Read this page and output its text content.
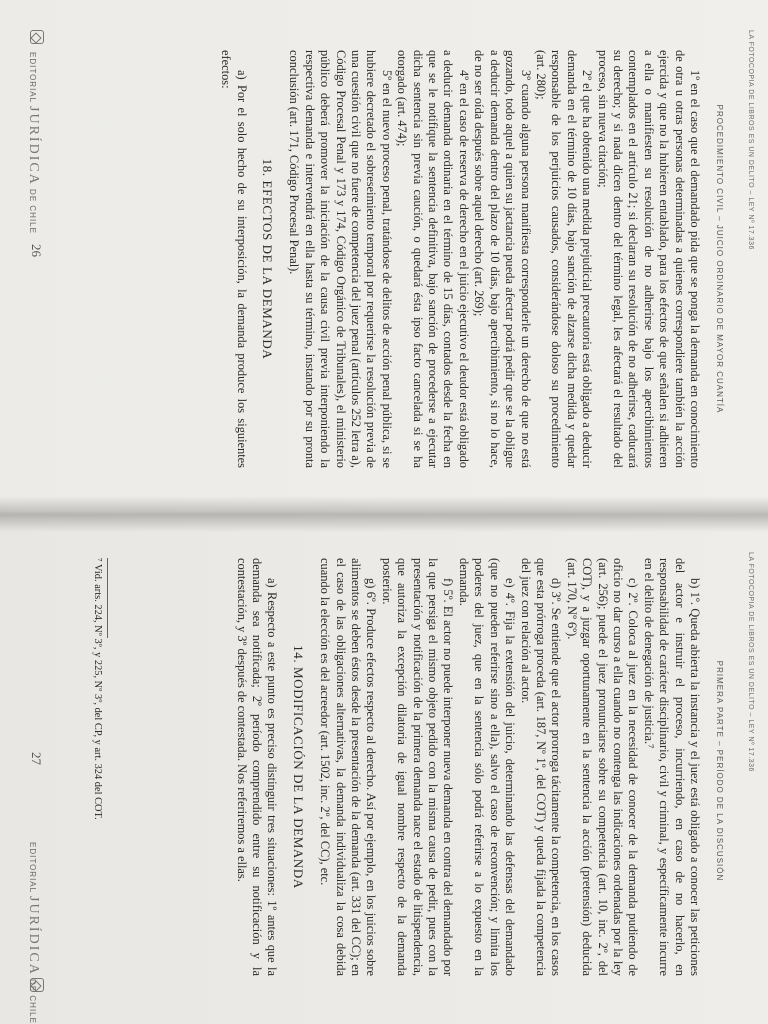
LA FOTOCOPIA DE LIBROS ES UN DELITO – LEY Nº 17.336
PROCEDIMIENTO CIVIL – JUICIO ORDINARIO DE MAYOR CUANTÍA

1º en el caso que el demandado pida que se ponga la demanda en conocimiento de otra u otras personas determinadas a quienes correspondiere también la acción ejercida y que no la hubieren entablado, para los efectos de que señalen si adhieren a ella o manifiesten su resolución de no adherirse bajo los apercibimientos contemplados en el artículo 21; si declaran su resolución de no adherirse, caducará su derecho; y si nada dicen dentro del término legal, les afectará el resultado del proceso, sin nueva citación;

2º el que ha obtenido una medida prejudicial precautoria está obligado a deducir demanda en el término de 10 días, bajo sanción de alzarse dicha medida y quedar responsable de los perjuicios causados, considerándose doloso su procedimiento (art. 280);

3º cuando alguna persona manifiesta corresponderle un derecho de que no está gozando, todo aquel a quien su jactancia pueda afectar podrá pedir que se la obligue a deducir demanda dentro del plazo de 10 días, bajo apercibimiento, si no lo hace, de no ser oída después sobre aquel derecho (art. 269);

4º en el caso de reserva de derecho en el juicio ejecutivo el deudor está obligado a deducir demanda ordinaria en el término de 15 días, contados desde la fecha en que se le notifique la sentencia definitiva, bajo sanción de procederse a ejecutar dicha sentencia sin previa caución, o quedará ésta ipso facto cancelada si se ha otorgado (art. 474);

5º en el nuevo proceso penal, tratándose de delitos de acción penal pública, si se hubiere decretado el sobreseimiento temporal por requerirse la resolución previa de una cuestión civil que no fuere de competencia del juez penal (artículos 252 letra a), Código Procesal Penal y 173 y 174, Código Orgánico de Tribunales), el ministerio público deberá promover la iniciación de la causa civil previa interponiendo la respectiva demanda e intervendrá en ella hasta su término, instando por su pronta conclusión (art. 171, Código Procesal Penal).

18. EFECTOS DE LA DEMANDA

a) Por el solo hecho de su interposición, la demanda produce los siguientes efectos:

EDITORIAL JURÍDICA DE CHILE
26
LA FOTOCOPIA DE LIBROS ES UN DELITO – LEY Nº 17.336
PRIMERA PARTE – PERÍODO DE LA DISCUSIÓN

b) 1º. Queda abierta la instancia y el juez está obligado a conocer las peticiones del actor e instruir el proceso, incurriendo, en caso de no hacerlo, en responsabilidad de carácter disciplinario, civil y criminal, y específicamente incurre en el delito de denegación de justicia.⁷

c) 2º. Coloca al juez en la necesidad de conocer de la demanda pudiendo de oficio no dar curso a ella cuando no contenga las indicaciones ordenadas por la ley (art. 256); puede el juez pronunciarse sobre su competencia (art. 10, inc. 2º, del COT), y a juzgar oportunamente en la sentencia la acción (pretensión) deducida (art. 170, Nº 6º).

d) 3º. Se entiende que el actor prorroga tácitamente la competencia, en los casos que esta prórroga proceda (art. 187, Nº 1º, del COT) y queda fijada la competencia del juez con relación al actor.

e) 4º. Fija la extensión del juicio, determinando las defensas del demandado (que no pueden referirse sino a ella), salvo el caso de reconvención; y limita los poderes del juez, que en la sentencia sólo podrá referirse a lo expuesto en la demanda.

f) 5º. El actor no puede interponer nueva demanda en contra del demandado por la que persiga el mismo objeto pedido con la misma causa de pedir, pues con la presentación y notificación de la primera demanda nace el estado de litispendencia, que autoriza la excepción dilatoria de igual nombre respecto de la demanda posterior.

g) 6º. Produce efectos respecto al derecho. Así por ejemplo, en los juicios sobre alimentos se deben éstos desde la presentación de la demanda (art. 331 del CC); en el caso de las obligaciones alternativas, la demanda individualiza la cosa debida cuando la elección es del acreedor (art. 1502, inc. 2º, del CC), etc.

14. MODIFICACIÓN DE LA DEMANDA

a) Respecto a este punto es preciso distinguir tres situaciones: 1º antes que la demanda sea notificada; 2º período comprendido entre su notificación y la contestación, y 3º después de contestada. Nos referiremos a ellas.

⁷ Vid. arts. 224, Nº 3º, y 225, Nº 3º, del CP, y art. 324 del COT.
27
EDITORIAL JURÍDICA DE CHILE
